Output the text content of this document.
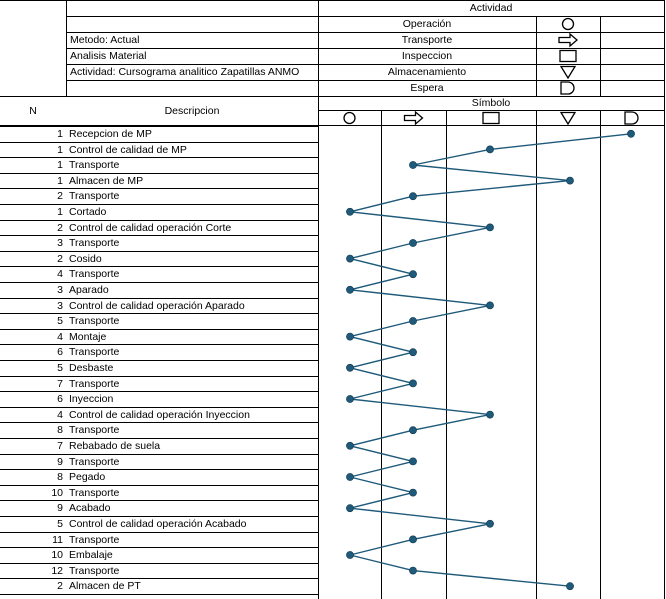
Actividad
Operación
Transporte
Inspeccion
Almacenamiento
Espera
Metodo: Actual
Analisis Material
Actividad: Cursograma analitico Zapatillas ANMO
N	Descripcion
Símbolo
1 Recepcion de MP
1 Control de calidad de MP
1 Transporte
1 Almacen de MP
2 Transporte
1 Cortado
2 Control de calidad operación Corte
3 Transporte
2 Cosido
4 Transporte
3 Aparado
3 Control de calidad operación Aparado
5 Transporte
4 Montaje
6 Transporte
5 Desbaste
7 Transporte
6 Inyeccion
4 Control de calidad operación Inyeccion
8 Transporte
7 Rebabado de suela
9 Transporte
8 Pegado
10 Transporte
9 Acabado
5 Control de calidad operación Acabado
11 Transporte
10 Embalaje
12 Transporte
2 Almacen de PT
